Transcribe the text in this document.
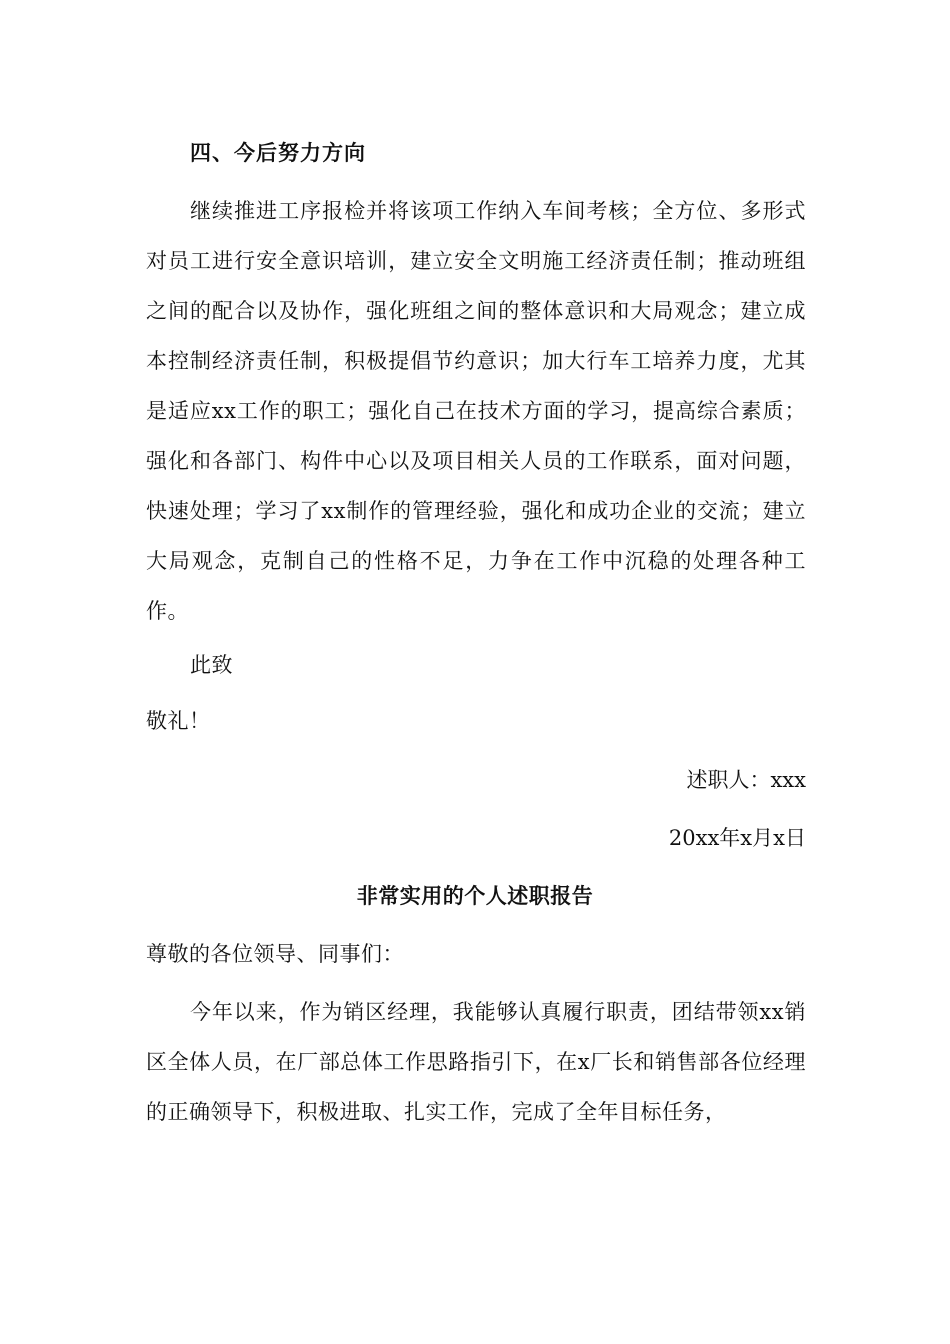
四、今后努力方向
继续推进工序报检并将该项工作纳入车间考核；全方位、多形式对员工进行安全意识培训，建立安全文明施工经济责任制；推动班组之间的配合以及协作，强化班组之间的整体意识和大局观念；建立成本控制经济责任制，积极提倡节约意识；加大行车工培养力度，尤其是适应xx工作的职工；强化自己在技术方面的学习，提高综合素质；强化和各部门、构件中心以及项目相关人员的工作联系，面对问题，快速处理；学习了xx制作的管理经验，强化和成功企业的交流；建立大局观念，克制自己的性格不足，力争在工作中沉稳的处理各种工作。
此致
敬礼！
述职人：xxx
20xx年x月x日
非常实用的个人述职报告
尊敬的各位领导、同事们：
今年以来，作为销区经理，我能够认真履行职责，团结带领xx销区全体人员，在厂部总体工作思路指引下，在x厂长和销售部各位经理的正确领导下，积极进取、扎实工作，完成了全年目标任务，
